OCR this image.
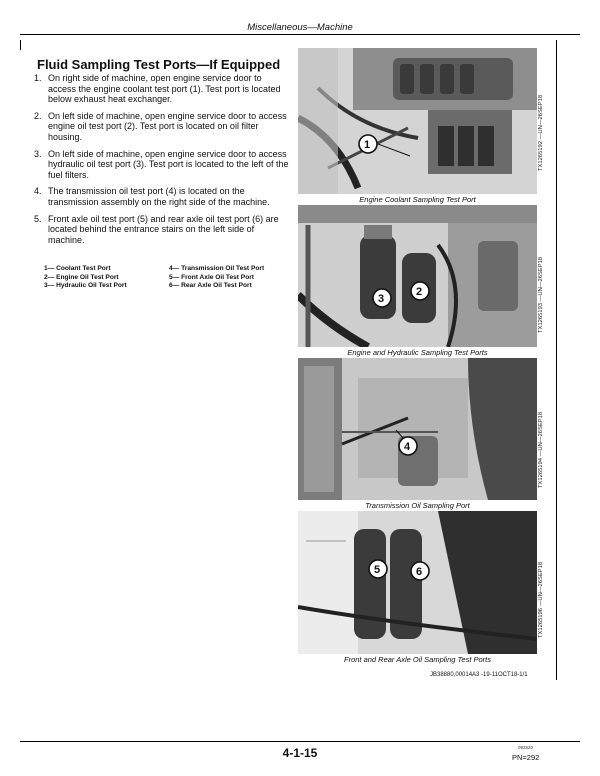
Miscellaneous—Machine
Fluid Sampling Test Ports—If Equipped
1. On right side of machine, open engine service door to access the engine coolant test port (1). Test port is located below exhaust heat exchanger.
2. On left side of machine, open engine service door to access engine oil test port (2). Test port is located on oil filter housing.
3. On left side of machine, open engine service door to access hydraulic oil test port (3). Test port is located to the left of the fuel filters.
4. The transmission oil test port (4) is located on the transmission assembly on the right side of the machine.
5. Front axle oil test port (5) and rear axle oil test port (6) are located behind the entrance stairs on the left side of machine.
1— Coolant Test Port
2— Engine Oil Test Port
3— Hydraulic Oil Test Port
4— Transmission Oil Test Port
5— Front Axle Oil Test Port
6— Rear Axle Oil Test Port
1
Engine Coolant Sampling Test Port
TX1265192 —UN—26SEP18
3
2
Engine and Hydraulic Sampling Test Ports
TX1265193 —UN—26SEP18
4
Transmission Oil Sampling Port
TX1265194 —UN—26SEP18
5	6
Front and Rear Axle Oil Sampling Test Ports
TX1265196 —UN—26SEP18
JB38880,00014A3 -19-11OCT18-1/1
4-1-15	092520
PN=292
